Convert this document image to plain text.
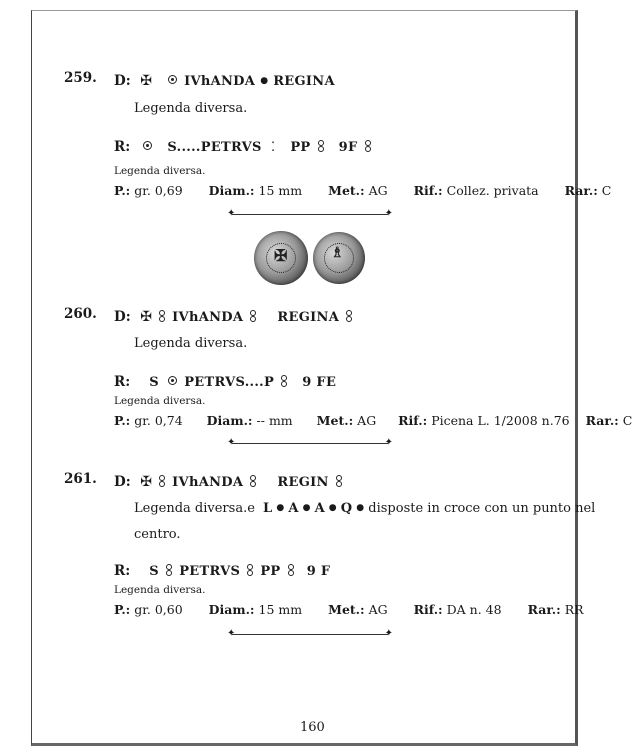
259. D:  ✠    IVhANDA ● REGINA
Legenda diversa.
R:	S.....PETRVS  ⁚  PP 9F
Legenda diversa.
P.: gr. 0,69 Diam.: 15 mm Met.: AG Rif.: Collez. privata Rar.: C
✦	✦
✠	♗
260. D:  ✠ IVhANDA	REGINA
Legenda diversa.
R: S PETRVS....P 9 FE
Legenda diversa.
P.: gr. 0,74 Diam.: -- mm Met.: AG Rif.: Picena L. 1/2008 n.76 Rar.: C
✦	✦
261. D:  ✠ IVhANDA	REGIN
Legenda diversa.e L ● A ● A ● Q ● disposte in croce con un punto nel
centro.
R: S PETRVS PP 9 F
Legenda diversa.
P.: gr. 0,60 Diam.: 15 mm Met.: AG Rif.: DA n. 48 Rar.: RR
✦	✦
160
